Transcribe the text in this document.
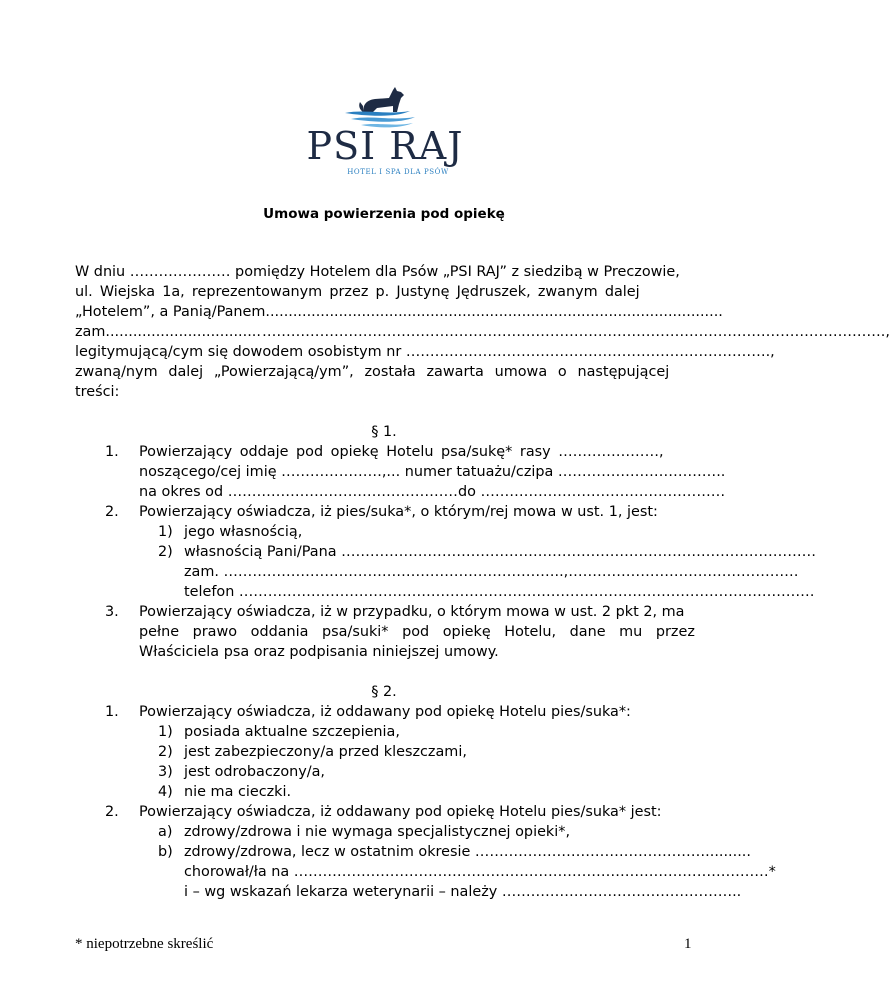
PSI RAJ
HOTEL I SPA DLA PSÓW
Umowa powierzenia pod opiekę
W dniu ………………… pomiędzy Hotelem dla Psów „PSI RAJ” z siedzibą w Preczowie,
ul. Wiejska 1a, reprezentowanym przez p. Justynę Jędruszek, zwanym dalej
„Hotelem”, a Panią/Panem....................................................................................................
zam.................................. ………………………………………………………………………………………………………………….,
legitymującą/cym się dowodem osobistym nr ………………………………………………………………….,
zwaną/nym dalej „Powierzającą/ym”, została zawarta umowa o następującej
treści:
§ 1.
1. Powierzający oddaje pod opiekę Hotelu psa/sukę* rasy …………………,
noszącego/cej imię …………………,... numer tatuażu/czipa ……………………………..
na okres od …………………………………………do ……………………………………………
2. Powierzający oświadcza, iż pies/suka*, o którym/rej mowa w ust. 1, jest:
1) jego własnością,
2) własnością Pani/Pana ………………………………………………………………………………………
zam. ……………………………………………………………..,…………………………………………
telefon …………………………………………………………………………………………………………
3. Powierzający oświadcza, iż w przypadku, o którym mowa w ust. 2 pkt 2, ma
pełne prawo oddania psa/suki* pod opiekę Hotelu, dane mu przez
Właściciela psa oraz podpisania niniejszej umowy.
§ 2.
1. Powierzający oświadcza, iż oddawany pod opiekę Hotelu pies/suka*:
1) posiada aktualne szczepienia,
2) jest zabezpieczony/a przed kleszczami,
3) jest odrobaczony/a,
4) nie ma cieczki.
2. Powierzający oświadcza, iż oddawany pod opiekę Hotelu pies/suka* jest:
a) zdrowy/zdrowa i nie wymaga specjalistycznej opieki*,
b) zdrowy/zdrowa, lecz w ostatnim okresie …………………………………………..........
chorował/ła na ………………………………………………………………………………………*
i – wg wskazań lekarza weterynarii – należy …………………………………………..
* niepotrzebne skreślić	1
